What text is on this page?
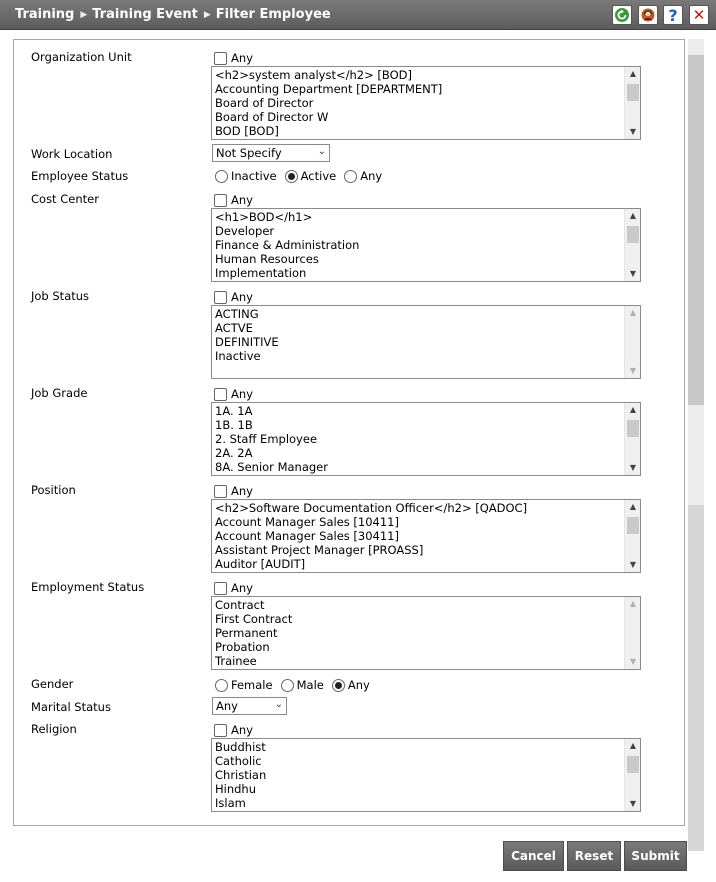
Training ▶ Training Event ▶ Filter Employee	? ✕
Organization Unit	Any
<h2>system analyst</h2> [BOD]
Accounting Department [DEPARTMENT]
Board of Director
Board of Director W
BOD [BOD]
▲
▼
Work Location	Not Specify	⌄
Employee Status	Inactive Active Any
Cost Center	Any
<h1>BOD</h1>
Developer
Finance & Administration
Human Resources
Implementation
▲
▼
Job Status	Any
ACTING
ACTVE
DEFINITIVE
Inactive
▲
▼
Job Grade	Any
1A. 1A
1B. 1B
2. Staff Employee
2A. 2A
8A. Senior Manager
▲
▼
Position	Any
<h2>Software Documentation Officer</h2> [QADOC]
Account Manager Sales [10411]
Account Manager Sales [30411]
Assistant Project Manager [PROASS]
Auditor [AUDIT]
▲
▼
Employment Status	Any
Contract
First Contract
Permanent
Probation
Trainee
▲
▼
Gender	Female Male Any
Marital Status	Any	⌄
Religion	Any
Buddhist
Catholic
Christian
Hindhu
Islam
▲
▼
Cancel	Reset	Submit
